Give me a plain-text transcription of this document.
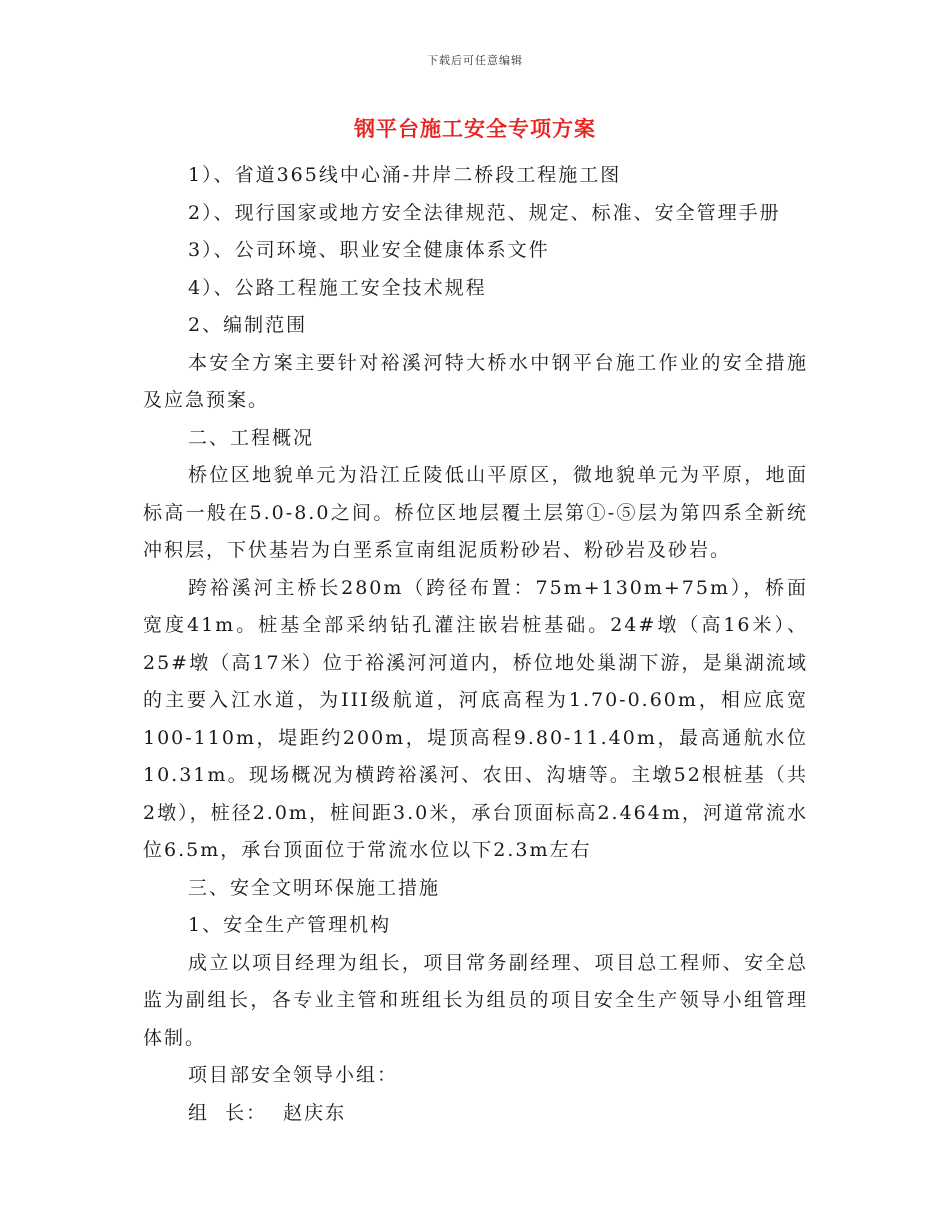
下载后可任意编辑
钢平台施工安全专项方案

1）、省道365线中心涌-井岸二桥段工程施工图

2）、现行国家或地方安全法律规范、规定、标准、安全管理手册

3）、公司环境、职业安全健康体系文件

4）、公路工程施工安全技术规程

2、编制范围

本安全方案主要针对裕溪河特大桥水中钢平台施工作业的安全措施及应急预案。

二、工程概况

桥位区地貌单元为沿江丘陵低山平原区，微地貌单元为平原，地面标高一般在5.0-8.0之间。桥位区地层覆土层第①-⑤层为第四系全新统冲积层，下伏基岩为白垩系宣南组泥质粉砂岩、粉砂岩及砂岩。

跨裕溪河主桥长280m（跨径布置：75m+130m+75m），桥面宽度41m。桩基全部采纳钻孔灌注嵌岩桩基础。24#墩（高16米）、25#墩（高17米）位于裕溪河河道内，桥位地处巢湖下游，是巢湖流域的主要入江水道，为III级航道，河底高程为1.70-0.60m，相应底宽100-110m，堤距约200m，堤顶高程9.80-11.40m，最高通航水位10.31m。现场概况为横跨裕溪河、农田、沟塘等。主墩52根桩基（共2墩），桩径2.0m，桩间距3.0米，承台顶面标高2.464m，河道常流水位6.5m，承台顶面位于常流水位以下2.3m左右

三、安全文明环保施工措施

1、安全生产管理机构

成立以项目经理为组长，项目常务副经理、项目总工程师、安全总监为副组长，各专业主管和班组长为组员的项目安全生产领导小组管理体制。

项目部安全领导小组：

组  长：  赵庆东
